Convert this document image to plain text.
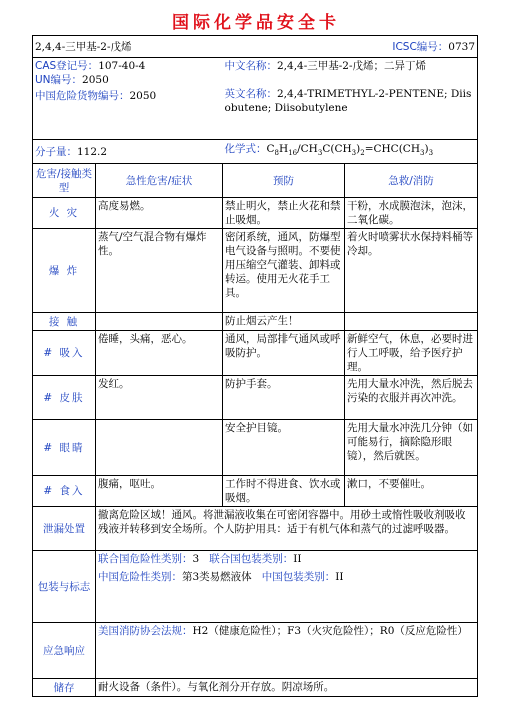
国际化学品安全卡
2,4,4-三甲基-2-戊烯 ICSC编号：0737			

CAS登记号：107-40-4
UN编号：2050
中国危险货物编号：2050		中文名称：2,4,4-三甲基-2-戊烯；二异丁烯
英文名称：2,4,4-TRIMETHYL-2-PENTENE; Diisobutene; Diisobutylene	

分子量：112.2		化学式：$C_8H_{16}/CH_3C(CH_3)_2=CHC(CH_3)_3$
危害/接触类型	急性危害/症状	预防	急救/消防
火 灾	高度易燃。	禁止明火，禁止火花和禁止吸烟。	干粉，水成膜泡沫，泡沫，二氧化碳。
爆 炸	蒸气/空气混合物有爆炸性。	密闭系统，通风，防爆型电气设备与照明。不要使用压缩空气灌装、卸料或转运。使用无火花手工具。	着火时喷雾状水保持料桶等冷却。
接 触		防止烟云产生！	
# 吸入	倦睡，头痛，恶心。	通风，局部排气通风或呼吸防护。	新鲜空气，休息，必要时进行人工呼吸，给予医疗护理。
# 皮肤	发红。	防护手套。	先用大量水冲洗，然后脱去污染的衣服并再次冲洗。
# 眼睛		安全护目镜。	先用大量水冲洗几分钟（如可能易行，摘除隐形眼镜），然后就医。
# 食入	腹痛，呕吐。	工作时不得进食、饮水或吸烟。	漱口，不要催吐。
泄漏处置	撤离危险区域！通风。将泄漏液收集在可密闭容器中。用砂土或惰性吸收剂吸收残液并转移到安全场所。个人防护用具：适于有机气体和蒸气的过滤呼吸器。		
包装与标志	联合国危险性类别：3 联合国包装类别：II
中国危险性类别：第3类易燃液体 中国包装类别：II		

应急响应	美国消防协会法规：H2（健康危险性）；F3（火灾危险性）；R0（反应危险性）		
储存	耐火设备（条件）。与氧化剂分开存放。阴凉场所。		
